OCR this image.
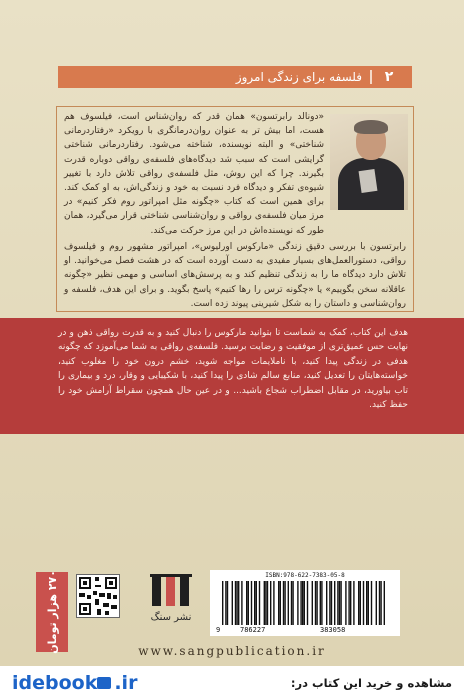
۲
فلسفه برای زندگی امروز

«دونالد رابرتسون» همان قدر که روان‌شناس است، فیلسوف هم هست، اما بیش تر به عنوان روان‌درمانگری با رویکرد «رفتاردرمانی شناختی» و البته نویسنده، شناخته می‌شود. رفتاردرمانی شناختی گرایشی است که سبب شد دیدگاه‌های فلسفه‌ی رواقی دوباره قدرت بگیرند. چرا که این روش، مثل فلسفه‌ی رواقی تلاش دارد با تغییر شیوه‌ی تفکر و دیدگاه فرد نسبت به خود و زندگی‌اش، به او کمک کند. برای همین است که کتاب «چگونه مثل امپراتور روم فکر کنیم» در مرز میان فلسفه‌ی رواقی و روان‌شناسی شناختی قرار می‌گیرد، همان طور که نویسنده‌اش در این مرز حرکت می‌کند.

رابرتسون با بررسی دقیق زندگی «مارکوس اورلیوس»، امپراتور مشهور روم و فیلسوف رواقی، دستورالعمل‌های بسیار مفیدی به دست آورده است که در هشت فصل می‌خوانید. او تلاش دارد دیدگاه ما را به زندگی تنظیم کند و به پرسش‌های اساسی و مهمی نظیر «چگونه عاقلانه سخن بگوییم» یا «چگونه ترس را رها کنیم» پاسخ بگوید. و برای این هدف، فلسفه و روان‌شناسی و داستان را به شکل شیرینی پیوند زده است.

هدف این کتاب، کمک به شماست تا بتوانید مارکوس را دنبال کنید و به قدرت رواقی ذهن و در نهایت حس عمیق‌تری از موفقیت و رضایت برسید. فلسفه‌ی رواقی به شما می‌آموزد که چگونه هدفی در زندگی پیدا کنید، با ناملایمات مواجه شوید، خشم درون خود را مغلوب کنید، خواسته‌هایتان را تعدیل کنید، منابع سالم شادی را پیدا کنید، با شکیبایی و وقار، درد و بیماری را تاب بیاورید، در مقابل اضطراب شجاع باشید... و در عین حال همچون سقراط آرامش خود را حفظ کنید.

۲۷۰ هزار تومان
نشر سنگ
ISBN:978-622-7383-05-8
9	786227	383058
www.sangpublication.ir
idebook .ir	مشاهده و خرید این کتاب در:
